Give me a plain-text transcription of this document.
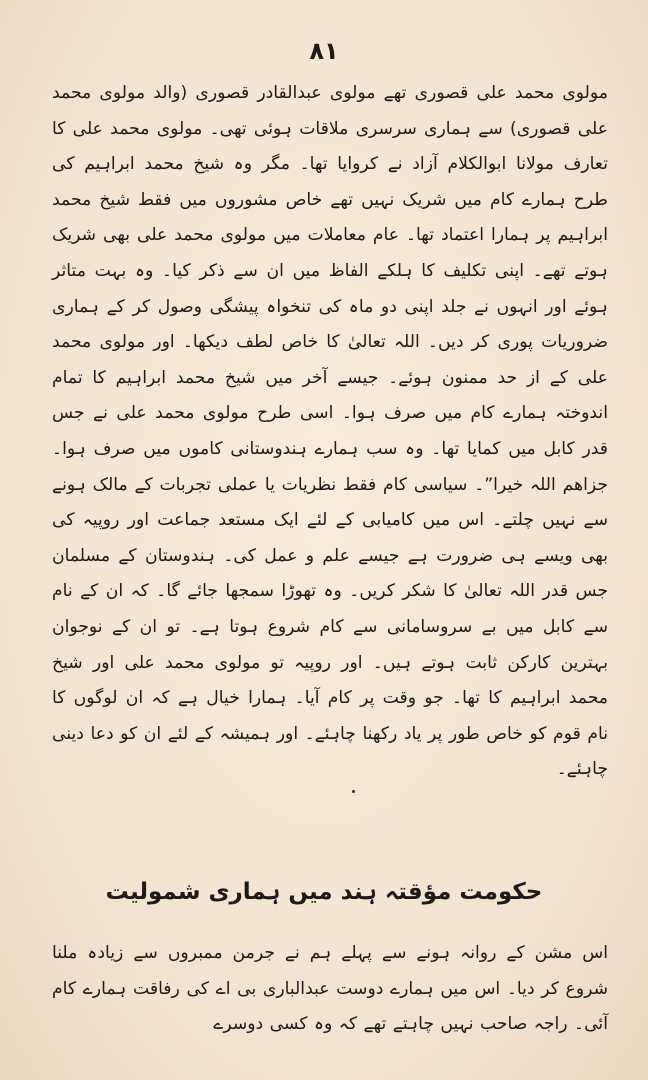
۸۱

مولوی محمد علی قصوری تھے مولوی عبدالقادر قصوری (والد مولوی محمد علی قصوری) سے ہماری سرسری ملاقات ہوئی تھی۔ مولوی محمد علی کا تعارف مولانا ابوالکلام آزاد نے کروایا تھا۔ مگر وہ شیخ محمد ابراہیم کی طرح ہمارے کام میں شریک نہیں تھے خاص مشوروں میں فقط شیخ محمد ابراہیم پر ہمارا اعتماد تھا۔ عام معاملات میں مولوی محمد علی بھی شریک ہوتے تھے۔ اپنی تکلیف کا ہلکے الفاظ میں ان سے ذکر کیا۔ وہ بہت متاثر ہوئے اور انہوں نے جلد اپنی دو ماہ کی تنخواہ پیشگی وصول کر کے ہماری ضروریات پوری کر دیں۔ اللہ تعالیٰ کا خاص لطف دیکھا۔ اور مولوی محمد علی کے از حد ممنون ہوئے۔ جیسے آخر میں شیخ محمد ابراہیم کا تمام اندوختہ ہمارے کام میں صرف ہوا۔ اسی طرح مولوی محمد علی نے جس قدر کابل میں کمایا تھا۔ وہ سب ہمارے ہندوستانی کاموں میں صرف ہوا۔ جزاھم اللہ خیرا”۔ سیاسی کام فقط نظریات یا عملی تجربات کے مالک ہونے سے نہیں چلتے۔ اس میں کامیابی کے لئے ایک مستعد جماعت اور روپیہ کی بھی ویسے ہی ضرورت ہے جیسے علم و عمل کی۔ ہندوستان کے مسلمان جس قدر اللہ تعالیٰ کا شکر کریں۔ وہ تھوڑا سمجھا جائے گا۔ کہ ان کے نام سے کابل میں بے سروسامانی سے کام شروع ہوتا ہے۔ تو ان کے نوجوان بہترین کارکن ثابت ہوتے ہیں۔ اور روپیہ تو مولوی محمد علی اور شیخ محمد ابراہیم کا تھا۔ جو وقت پر کام آیا۔ ہمارا خیال ہے کہ ان لوگوں کا نام قوم کو خاص طور پر یاد رکھنا چاہئے۔ اور ہمیشہ کے لئے ان کو دعا دینی چاہئے۔

حکومت مؤقتہ ہند میں ہماری شمولیت

اس مشن کے روانہ ہونے سے پہلے ہم نے جرمن ممبروں سے زیادہ ملنا شروع کر دیا۔ اس میں ہمارے دوست عبدالباری بی اے کی رفاقت ہمارے کام آئی۔ راجہ صاحب نہیں چاہتے تھے کہ وہ کسی دوسرے
